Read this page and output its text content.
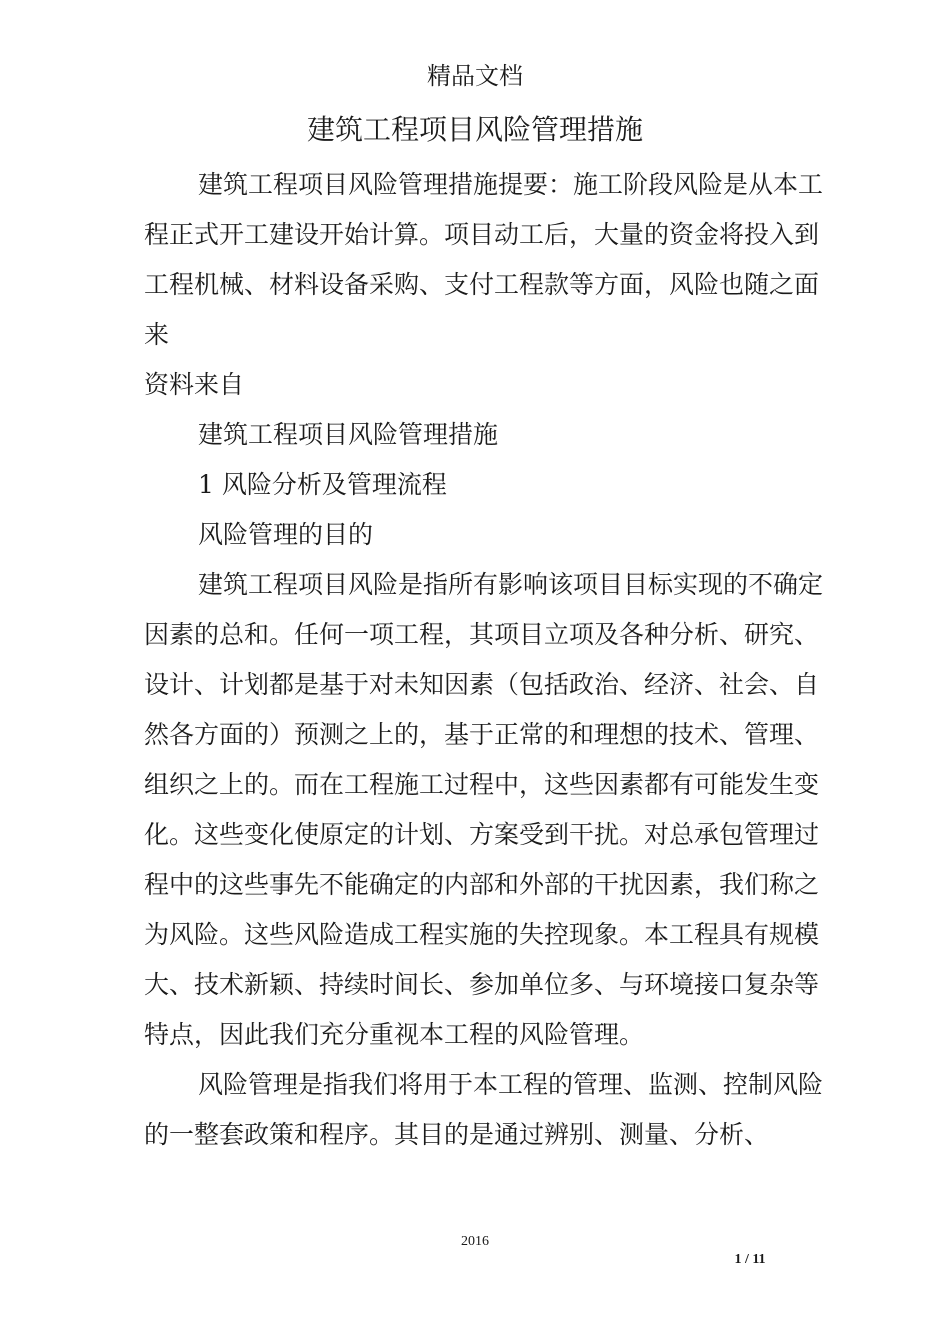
精品文档
建筑工程项目风险管理措施

建筑工程项目风险管理措施提要：施工阶段风险是从本工程正式开工建设开始计算。项目动工后，大量的资金将投入到工程机械、材料设备采购、支付工程款等方面，风险也随之面来

资料来自

建筑工程项目风险管理措施

1 风险分析及管理流程

风险管理的目的

建筑工程项目风险是指所有影响该项目目标实现的不确定因素的总和。任何一项工程，其项目立项及各种分析、研究、设计、计划都是基于对未知因素（包括政治、经济、社会、自然各方面的）预测之上的，基于正常的和理想的技术、管理、组织之上的。而在工程施工过程中，这些因素都有可能发生变化。这些变化使原定的计划、方案受到干扰。对总承包管理过程中的这些事先不能确定的内部和外部的干扰因素，我们称之为风险。这些风险造成工程实施的失控现象。本工程具有规模大、技术新颖、持续时间长、参加单位多、与环境接口复杂等特点，因此我们充分重视本工程的风险管理。

风险管理是指我们将用于本工程的管理、监测、控制风险的一整套政策和程序。其目的是通过辨别、测量、分析、

2016
1 / 11
